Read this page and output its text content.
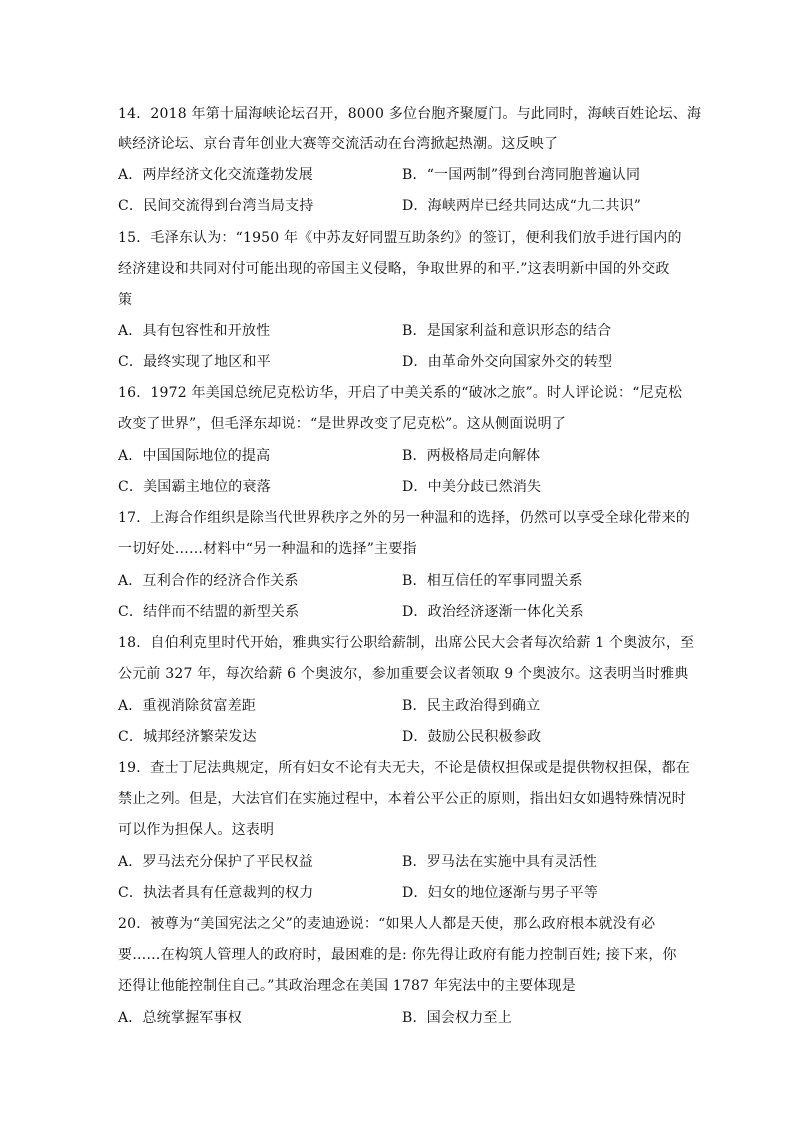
14．2018 年第十届海峡论坛召开，8000 多位台胞齐聚厦门。与此同时，海峡百姓论坛、海
峡经济论坛、京台青年创业大赛等交流活动在台湾掀起热潮。这反映了
A．两岸经济文化交流蓬勃发展	B．“一国两制”得到台湾同胞普遍认同
C．民间交流得到台湾当局支持	D．海峡两岸已经共同达成“九二共识”
15．毛泽东认为：“1950 年《中苏友好同盟互助条约》的签订，便利我们放手进行国内的
经济建设和共同对付可能出现的帝国主义侵略，争取世界的和平.”这表明新中国的外交政
策
A．具有包容性和开放性	B．是国家利益和意识形态的结合
C．最终实现了地区和平	D．由革命外交向国家外交的转型
16．1972 年美国总统尼克松访华，开启了中美关系的“破冰之旅”。时人评论说：“尼克松
改变了世界”，但毛泽东却说：“是世界改变了尼克松”。这从侧面说明了
A．中国国际地位的提高	B．两极格局走向解体
C．美国霸主地位的衰落	D．中美分歧已然消失
17．上海合作组织是除当代世界秩序之外的另一种温和的选择，仍然可以享受全球化带来的
一切好处……材料中“另一种温和的选择”主要指
A．互利合作的经济合作关系	B．相互信任的军事同盟关系
C．结伴而不结盟的新型关系	D．政治经济逐渐一体化关系
18．自伯利克里时代开始，雅典实行公职给薪制，出席公民大会者每次给薪 1 个奥波尔，至
公元前 327 年，每次给薪 6 个奥波尔，参加重要会议者领取 9 个奥波尔。这表明当时雅典
A．重视消除贫富差距	B．民主政治得到确立
C．城邦经济繁荣发达	D．鼓励公民积极参政
19．查士丁尼法典规定，所有妇女不论有夫无夫，不论是债权担保或是提供物权担保，都在
禁止之列。但是，大法官们在实施过程中，本着公平公正的原则，指出妇女如遇特殊情况时
可以作为担保人。这表明
A．罗马法充分保护了平民权益	B．罗马法在实施中具有灵活性
C．执法者具有任意裁判的权力	D．妇女的地位逐渐与男子平等
20．被尊为“美国宪法之父”的麦迪逊说：“如果人人都是天使，那么政府根本就没有必
要……在构筑人管理人的政府时，最困难的是: 你先得让政府有能力控制百姓; 接下来，你
还得让他能控制住自己。”其政治理念在美国 1787 年宪法中的主要体现是
A．总统掌握军事权	B．国会权力至上
